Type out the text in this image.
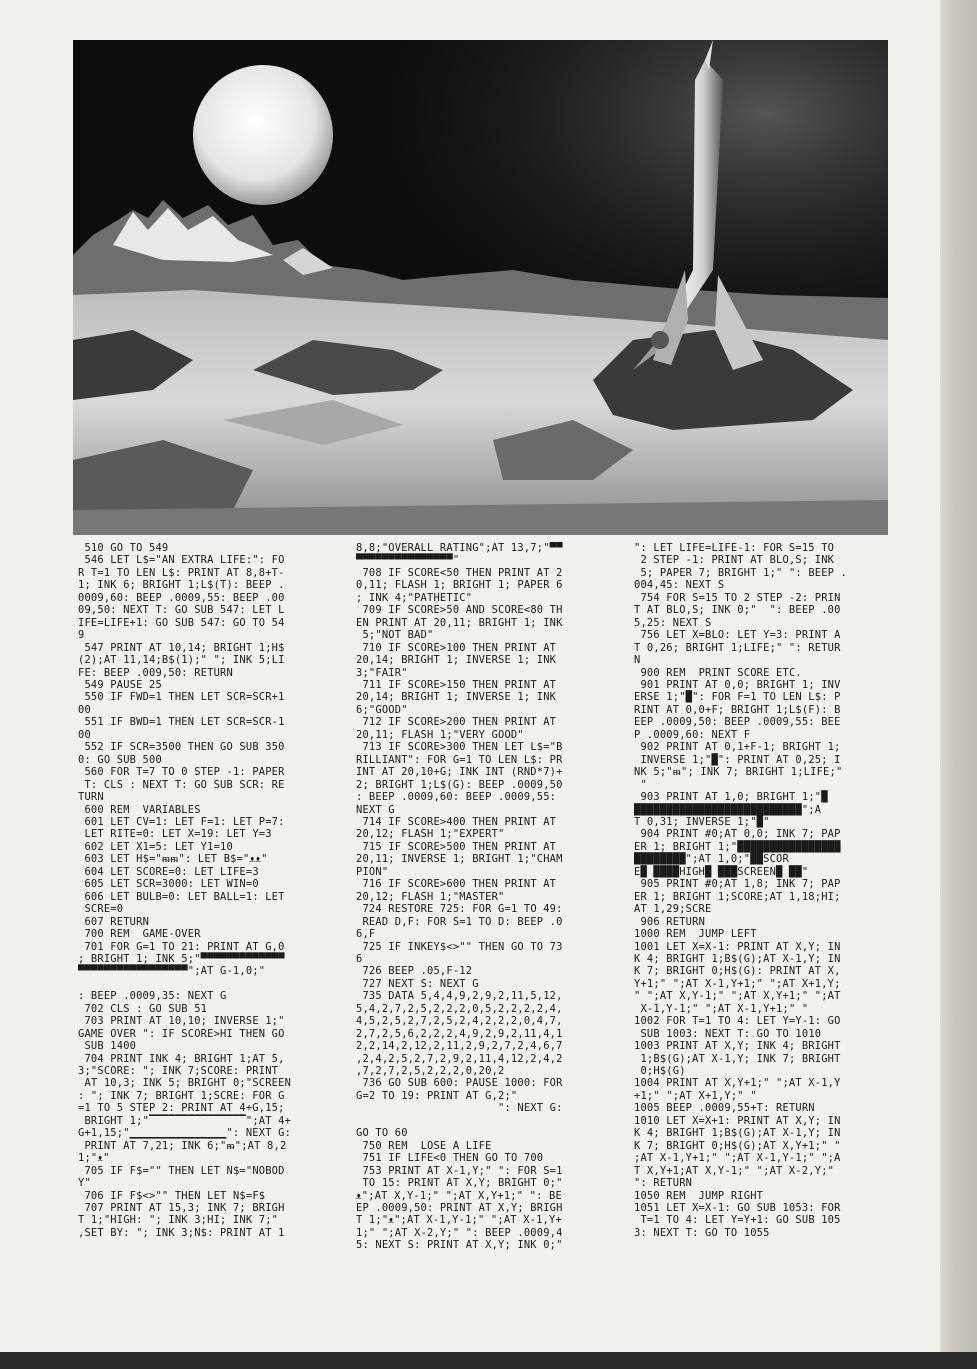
510 GO TO 549
546 LET L$="AN EXTRA LIFE:": FO
R T=1 TO LEN L$: PRINT AT 8,8+T-
1; INK 6; BRIGHT 1;L$(T): BEEP .
0009,60: BEEP .0009,55: BEEP .00
09,50: NEXT T: GO SUB 547: LET L
IFE=LIFE+1: GO SUB 547: GO TO 54
9
547 PRINT AT 10,14; BRIGHT 1;H$
(2);AT 11,14;B$(1);" "; INK 5;LI
FE: BEEP .009,50: RETURN
549 PAUSE 25
550 IF FWD=1 THEN LET SCR=SCR+1
00
551 IF BWD=1 THEN LET SCR=SCR-1
00
552 IF SCR=3500 THEN GO SUB 350
0: GO SUB 500
560 FOR T=7 TO 0 STEP -1: PAPER
T: CLS : NEXT T: GO SUB SCR: RE
TURN
600 REM  VARIABLES
601 LET CV=1: LET F=1: LET P=7:
LET RITE=0: LET X=19: LET Y=3
602 LET X1=5: LET Y1=10
603 LET H$="ᵯᵯ": LET B$="ᴥᴥ"
604 LET SCORE=0: LET LIFE=3
605 LET SCR=3000: LET WIN=0
606 LET BULB=0: LET BALL=1: LET
SCRE=0
607 RETURN
700 REM  GAME-OVER
701 FOR G=1 TO 21: PRINT AT G,0
; BRIGHT 1; INK 5;"▀▀▀▀▀▀▀▀▀▀▀▀▀
▀▀▀▀▀▀▀▀▀▀▀▀▀▀▀▀▀";AT G-1,0;"
: BEEP .0009,35: NEXT G
702 CLS : GO SUB 51
703 PRINT AT 10,10; INVERSE 1;"
GAME OVER ": IF SCORE>HI THEN GO
SUB 1400
704 PRINT INK 4; BRIGHT 1;AT 5,
3;"SCORE: "; INK 7;SCORE: PRINT
AT 10,3; INK 5; BRIGHT 0;"SCREEN
: "; INK 7; BRIGHT 1;SCRE: FOR G
=1 TO 5 STEP 2: PRINT AT 4+G,15;
BRIGHT 1;"▔▔▔▔▔▔▔▔▔▔▔▔▔▔▔";AT 4+
G+1,15;"▁▁▁▁▁▁▁▁▁▁▁▁▁▁▁": NEXT G:
PRINT AT 7,21; INK 6;"ᵯ";AT 8,2
1;"ᴥ"
705 IF F$="" THEN LET N$="NOBOD
Y"
706 IF F$<>"" THEN LET N$=F$
707 PRINT AT 15,3; INK 7; BRIGH
T 1;"HIGH: "; INK 3;HI; INK 7;"
,SET BY: "; INK 3;N$: PRINT AT 1
8,8;"OVERALL RATING";AT 13,7;"▀▀
▀▀▀▀▀▀▀▀▀▀▀▀▀▀▀"
708 IF SCORE<50 THEN PRINT AT 2
0,11; FLASH 1; BRIGHT 1; PAPER 6
; INK 4;"PATHETIC"
709 IF SCORE>50 AND SCORE<80 TH
EN PRINT AT 20,11; BRIGHT 1; INK
5;"NOT BAD"
710 IF SCORE>100 THEN PRINT AT
20,14; BRIGHT 1; INVERSE 1; INK
3;"FAIR"
711 IF SCORE>150 THEN PRINT AT
20,14; BRIGHT 1; INVERSE 1; INK
6;"GOOD"
712 IF SCORE>200 THEN PRINT AT
20,11; FLASH 1;"VERY GOOD"
713 IF SCORE>300 THEN LET L$="B
RILLIANT": FOR G=1 TO LEN L$: PR
INT AT 20,10+G; INK INT (RND*7)+
2; BRIGHT 1;L$(G): BEEP .0009,50
: BEEP .0009,60: BEEP .0009,55:
NEXT G
714 IF SCORE>400 THEN PRINT AT
20,12; FLASH 1;"EXPERT"
715 IF SCORE>500 THEN PRINT AT
20,11; INVERSE 1; BRIGHT 1;"CHAM
PION"
716 IF SCORE>600 THEN PRINT AT
20,12; FLASH 1;"MASTER"
724 RESTORE 725: FOR G=1 TO 49:
READ D,F: FOR S=1 TO D: BEEP .0
6,F
725 IF INKEY$<>"" THEN GO TO 73
6
726 BEEP .05,F-12
727 NEXT S: NEXT G
735 DATA 5,4,4,9,2,9,2,11,5,12,
5,4,2,7,2,5,2,2,2,0,5,2,2,2,2,4,
4,5,2,5,2,7,2,5,2,4,2,2,2,0,4,7,
2,7,2,5,6,2,2,2,4,9,2,9,2,11,4,1
2,2,14,2,12,2,11,2,9,2,7,2,4,6,7
,2,4,2,5,2,7,2,9,2,11,4,12,2,4,2
,7,2,7,2,5,2,2,2,0,20,2
736 GO SUB 600: PAUSE 1000: FOR
G=2 TO 19: PRINT AT G,2;"
": NEXT G:
GO TO 60
750 REM  LOSE A LIFE
751 IF LIFE<0 THEN GO TO 700
753 PRINT AT X-1,Y;" ": FOR S=1
TO 15: PRINT AT X,Y; BRIGHT 0;"
ᴥ";AT X,Y-1;" ";AT X,Y+1;" ": BE
EP .0009,50: PRINT AT X,Y; BRIGH
T 1;"ᴥ";AT X-1,Y-1;" ";AT X-1,Y+
1;" ";AT X-2,Y;" ": BEEP .0009,4
5: NEXT S: PRINT AT X,Y; INK 0;"
": LET LIFE=LIFE-1: FOR S=15 TO
2 STEP -1: PRINT AT BLO,S; INK
5; PAPER 7; BRIGHT 1;" ": BEEP .
004,45: NEXT S
754 FOR S=15 TO 2 STEP -2: PRIN
T AT BLO,S; INK 0;"  ": BEEP .00
5,25: NEXT S
756 LET X=BLO: LET Y=3: PRINT A
T 0,26; BRIGHT 1;LIFE;" ": RETUR
N
900 REM  PRINT SCORE ETC.
901 PRINT AT 0,0; BRIGHT 1; INV
ERSE 1;"█": FOR F=1 TO LEN L$: P
RINT AT 0,0+F; BRIGHT 1;L$(F): B
EEP .0009,50: BEEP .0009,55: BEE
P .0009,60: NEXT F
902 PRINT AT 0,1+F-1; BRIGHT 1;
INVERSE 1;"█": PRINT AT 0,25; I
NK 5;"ᵯ"; INK 7; BRIGHT 1;LIFE;"
"
903 PRINT AT 1,0; BRIGHT 1;"█
██████████████████████████";A
T 0,31; INVERSE 1;"█"
904 PRINT #0;AT 0,0; INK 7; PAP
ER 1; BRIGHT 1;"████████████████
████████";AT 1,0;"██SCOR
E█ ████HIGH█ ███SCREEN█ ██"
905 PRINT #0;AT 1,8; INK 7; PAP
ER 1; BRIGHT 1;SCORE;AT 1,18;HI;
AT 1,29;SCRE
906 RETURN
1000 REM  JUMP LEFT
1001 LET X=X-1: PRINT AT X,Y; IN
K 4; BRIGHT 1;B$(G);AT X-1,Y; IN
K 7; BRIGHT 0;H$(G): PRINT AT X,
Y+1;" ";AT X-1,Y+1;" ";AT X+1,Y;
" ";AT X,Y-1;" ";AT X,Y+1;" ";AT
X-1,Y-1;" ";AT X-1,Y+1;" "
1002 FOR T=1 TO 4: LET Y=Y-1: GO
SUB 1003: NEXT T: GO TO 1010
1003 PRINT AT X,Y; INK 4; BRIGHT
1;B$(G);AT X-1,Y; INK 7; BRIGHT
0;H$(G)
1004 PRINT AT X,Y+1;" ";AT X-1,Y
+1;" ";AT X+1,Y;" "
1005 BEEP .0009,55+T: RETURN
1010 LET X=X+1: PRINT AT X,Y; IN
K 4; BRIGHT 1;B$(G);AT X-1,Y; IN
K 7; BRIGHT 0;H$(G);AT X,Y+1;" "
;AT X-1,Y+1;" ";AT X-1,Y-1;" ";A
T X,Y+1;AT X,Y-1;" ";AT X-2,Y;"
": RETURN
1050 REM  JUMP RIGHT
1051 LET X=X-1: GO SUB 1053: FOR
T=1 TO 4: LET Y=Y+1: GO SUB 105
3: NEXT T: GO TO 1055
